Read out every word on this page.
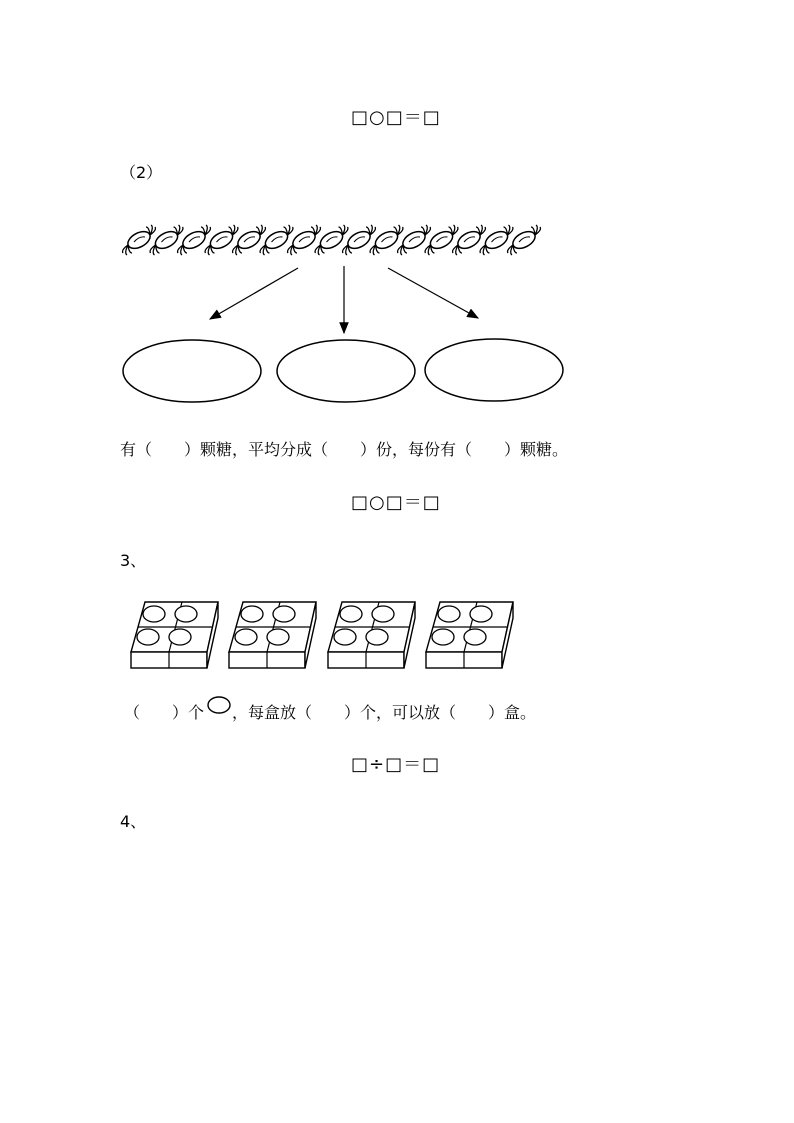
□○□＝□
（2）
有（　　）颗糖，平均分成（　　）份，每份有（　　）颗糖。
□○□＝□
3、
（　　）个 ，每盒放（　　）个，可以放（　　）盒。
□÷□＝□
4、
